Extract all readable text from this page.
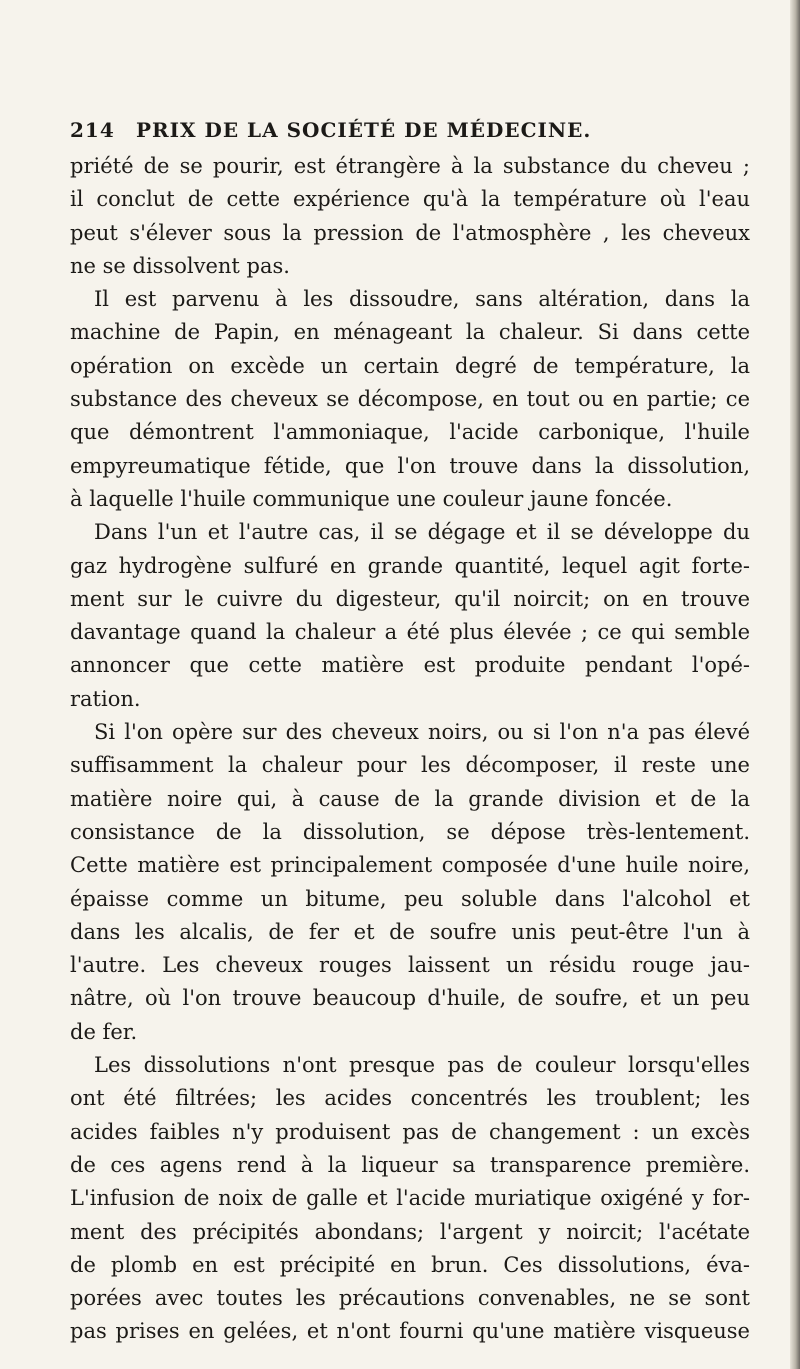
214 PRIX DE LA SOCIÉTÉ DE MÉDECINE.
priété de se pourir, est étrangère à la substance du cheveu ;
il conclut de cette expérience qu'à la température où l'eau
peut s'élever sous la pression de l'atmosphère , les cheveux
ne se dissolvent pas.
Il est parvenu à les dissoudre, sans altération, dans la
machine de Papin, en ménageant la chaleur. Si dans cette
opération on excède un certain degré de température, la
substance des cheveux se décompose, en tout ou en partie; ce
que démontrent l'ammoniaque, l'acide carbonique, l'huile
empyreumatique fétide, que l'on trouve dans la dissolution,
à laquelle l'huile communique une couleur jaune foncée.
Dans l'un et l'autre cas, il se dégage et il se développe du
gaz hydrogène sulfuré en grande quantité, lequel agit forte-
ment sur le cuivre du digesteur, qu'il noircit; on en trouve
davantage quand la chaleur a été plus élevée ; ce qui semble
annoncer que cette matière est produite pendant l'opé-
ration.
Si l'on opère sur des cheveux noirs, ou si l'on n'a pas élevé
suffisamment la chaleur pour les décomposer, il reste une
matière noire qui, à cause de la grande division et de la
consistance de la dissolution, se dépose très-lentement.
Cette matière est principalement composée d'une huile noire,
épaisse comme un bitume, peu soluble dans l'alcohol et
dans les alcalis, de fer et de soufre unis peut-être l'un à
l'autre. Les cheveux rouges laissent un résidu rouge jau-
nâtre, où l'on trouve beaucoup d'huile, de soufre, et un peu
de fer.
Les dissolutions n'ont presque pas de couleur lorsqu'elles
ont été filtrées; les acides concentrés les troublent; les
acides faibles n'y produisent pas de changement : un excès
de ces agens rend à la liqueur sa transparence première.
L'infusion de noix de galle et l'acide muriatique oxigéné y for-
ment des précipités abondans; l'argent y noircit; l'acétate
de plomb en est précipité en brun. Ces dissolutions, éva-
porées avec toutes les précautions convenables, ne se sont
pas prises en gelées, et n'ont fourni qu'une matière visqueuse
